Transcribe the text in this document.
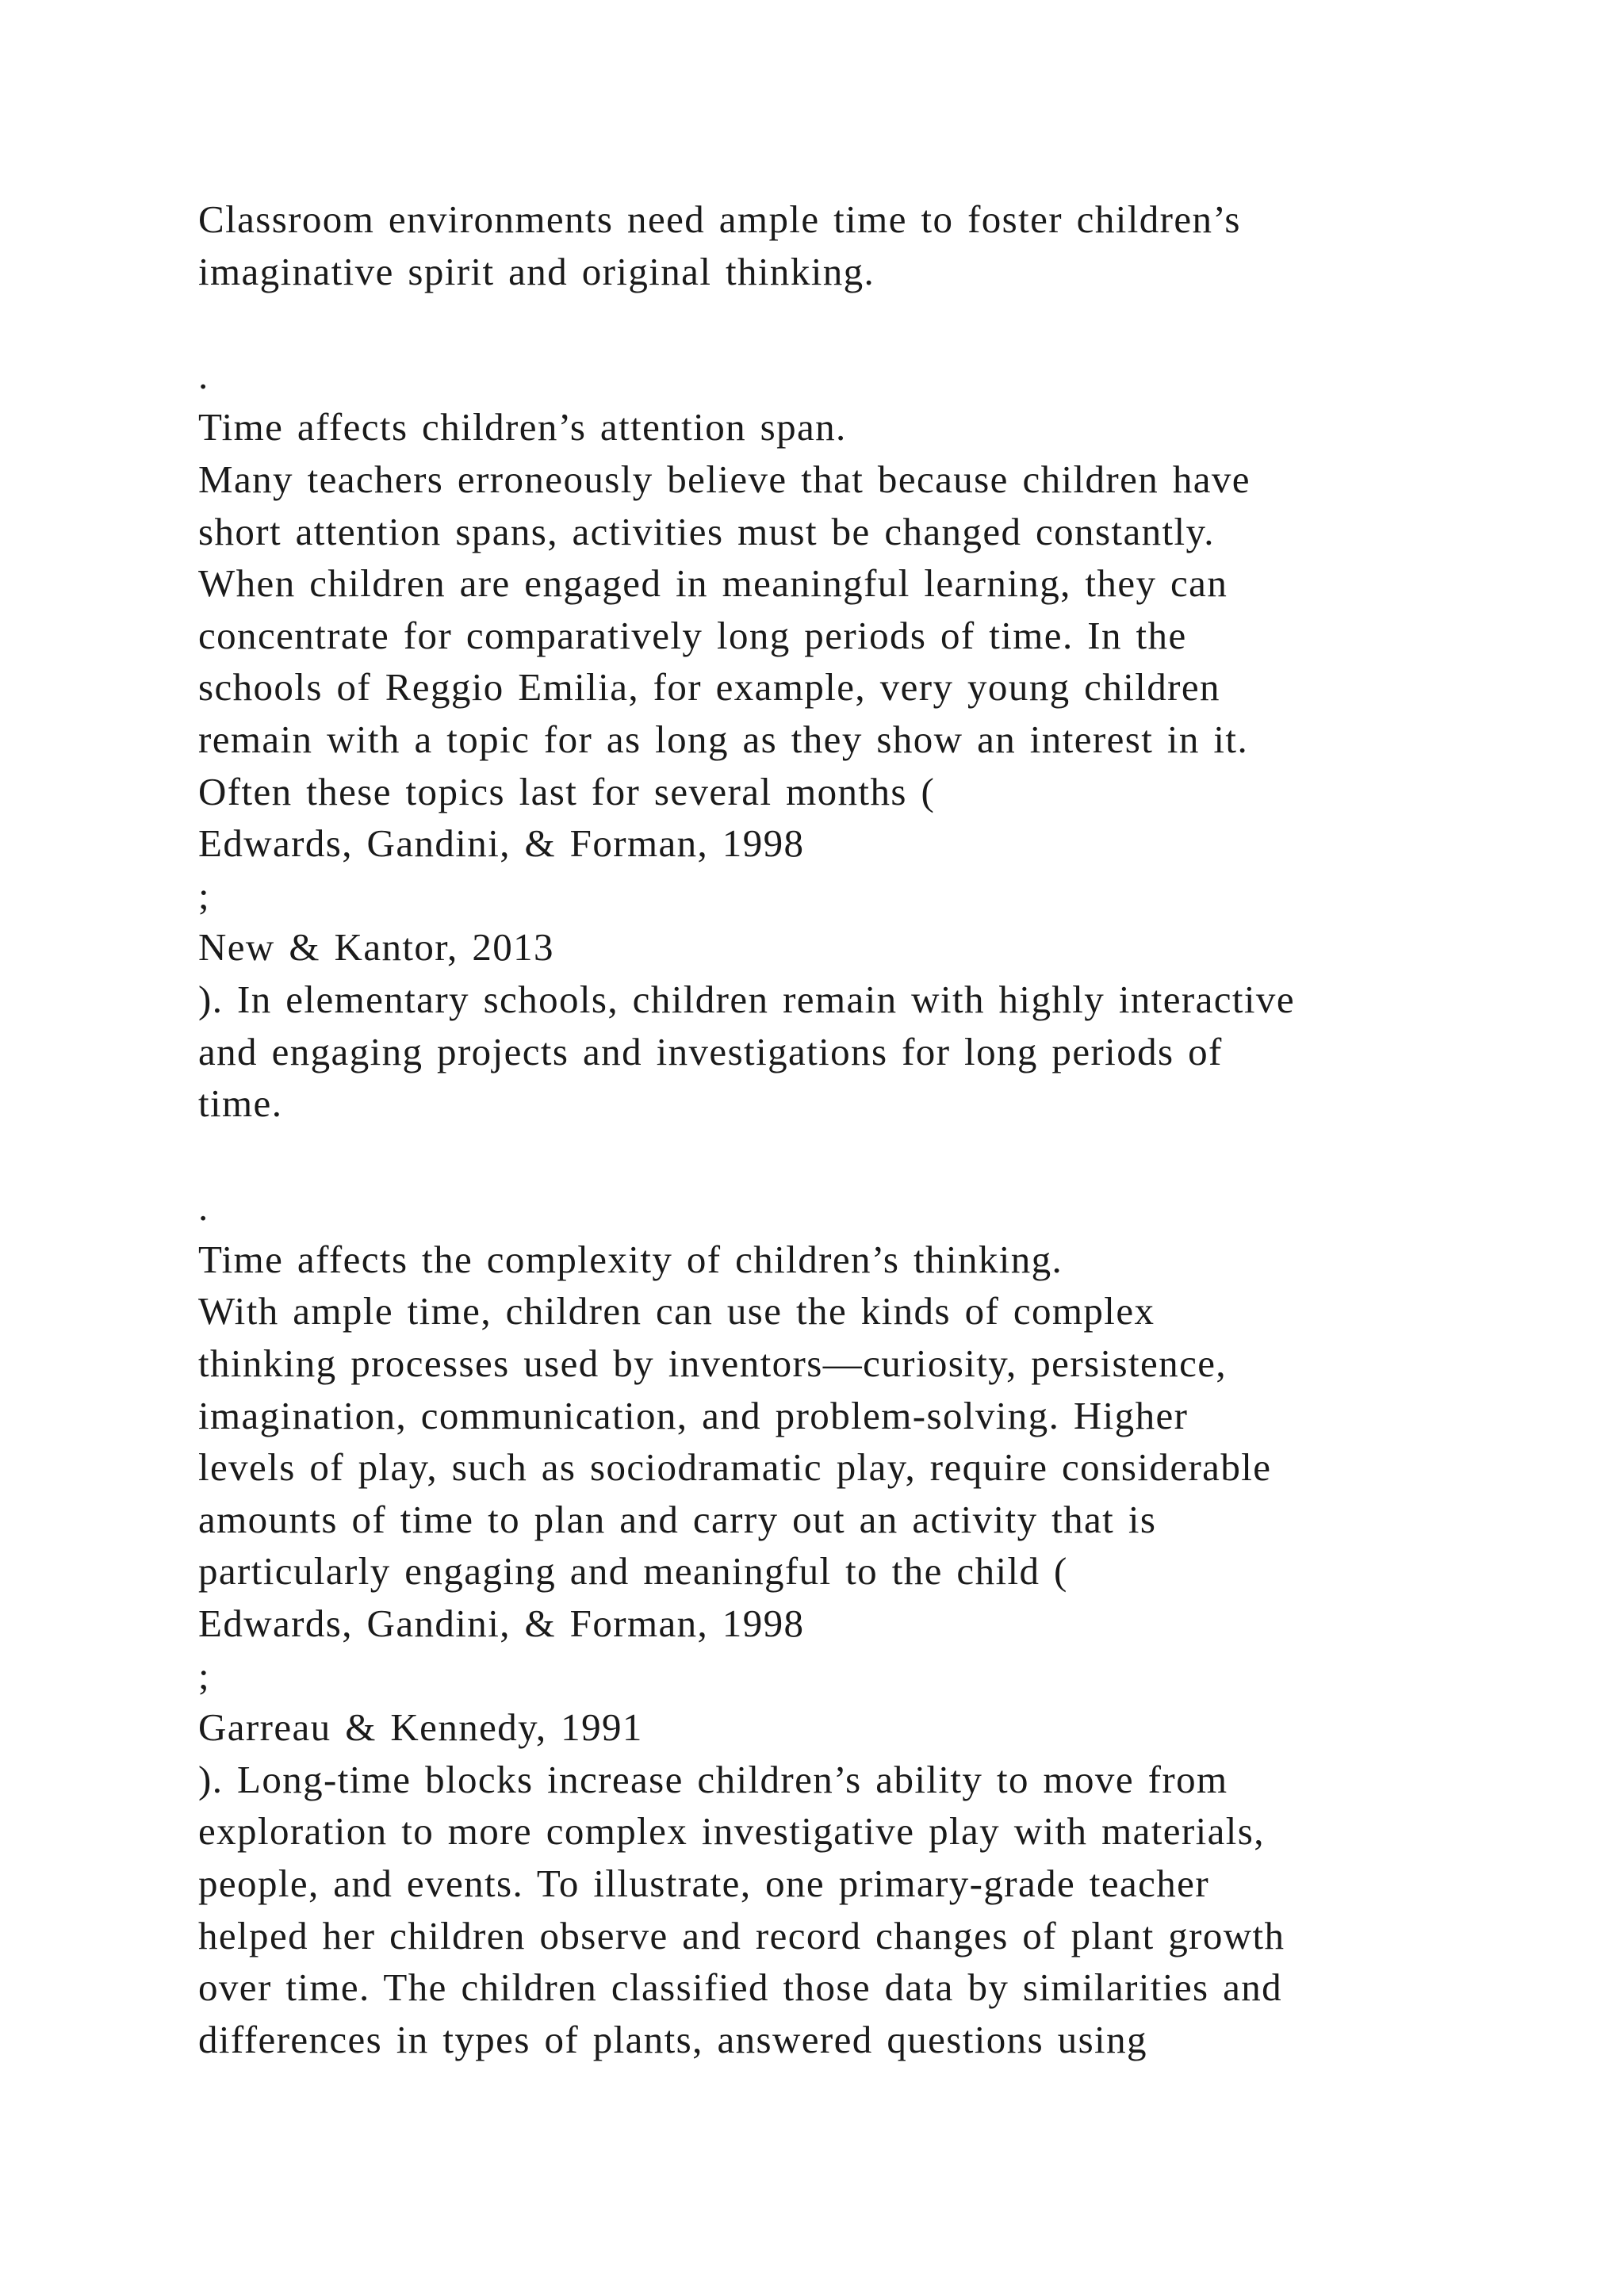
Classroom environments need ample time to foster children’s
imaginative spirit and original thinking.
.
Time affects children’s attention span.
Many teachers erroneously believe that because children have
short attention spans, activities must be changed constantly.
When children are engaged in meaningful learning, they can
concentrate for comparatively long periods of time. In the
schools of Reggio Emilia, for example, very young children
remain with a topic for as long as they show an interest in it.
Often these topics last for several months (
Edwards, Gandini, & Forman, 1998
;
New & Kantor, 2013
). In elementary schools, children remain with highly interactive
and engaging projects and investigations for long periods of
time.
.
Time affects the complexity of children’s thinking.
With ample time, children can use the kinds of complex
thinking processes used by inventors—curiosity, persistence,
imagination, communication, and problem-solving. Higher
levels of play, such as sociodramatic play, require considerable
amounts of time to plan and carry out an activity that is
particularly engaging and meaningful to the child (
Edwards, Gandini, & Forman, 1998
;
Garreau & Kennedy, 1991
). Long-time blocks increase children’s ability to move from
exploration to more complex investigative play with materials,
people, and events. To illustrate, one primary-grade teacher
helped her children observe and record changes of plant growth
over time. The children classified those data by similarities and
differences in types of plants, answered questions using
